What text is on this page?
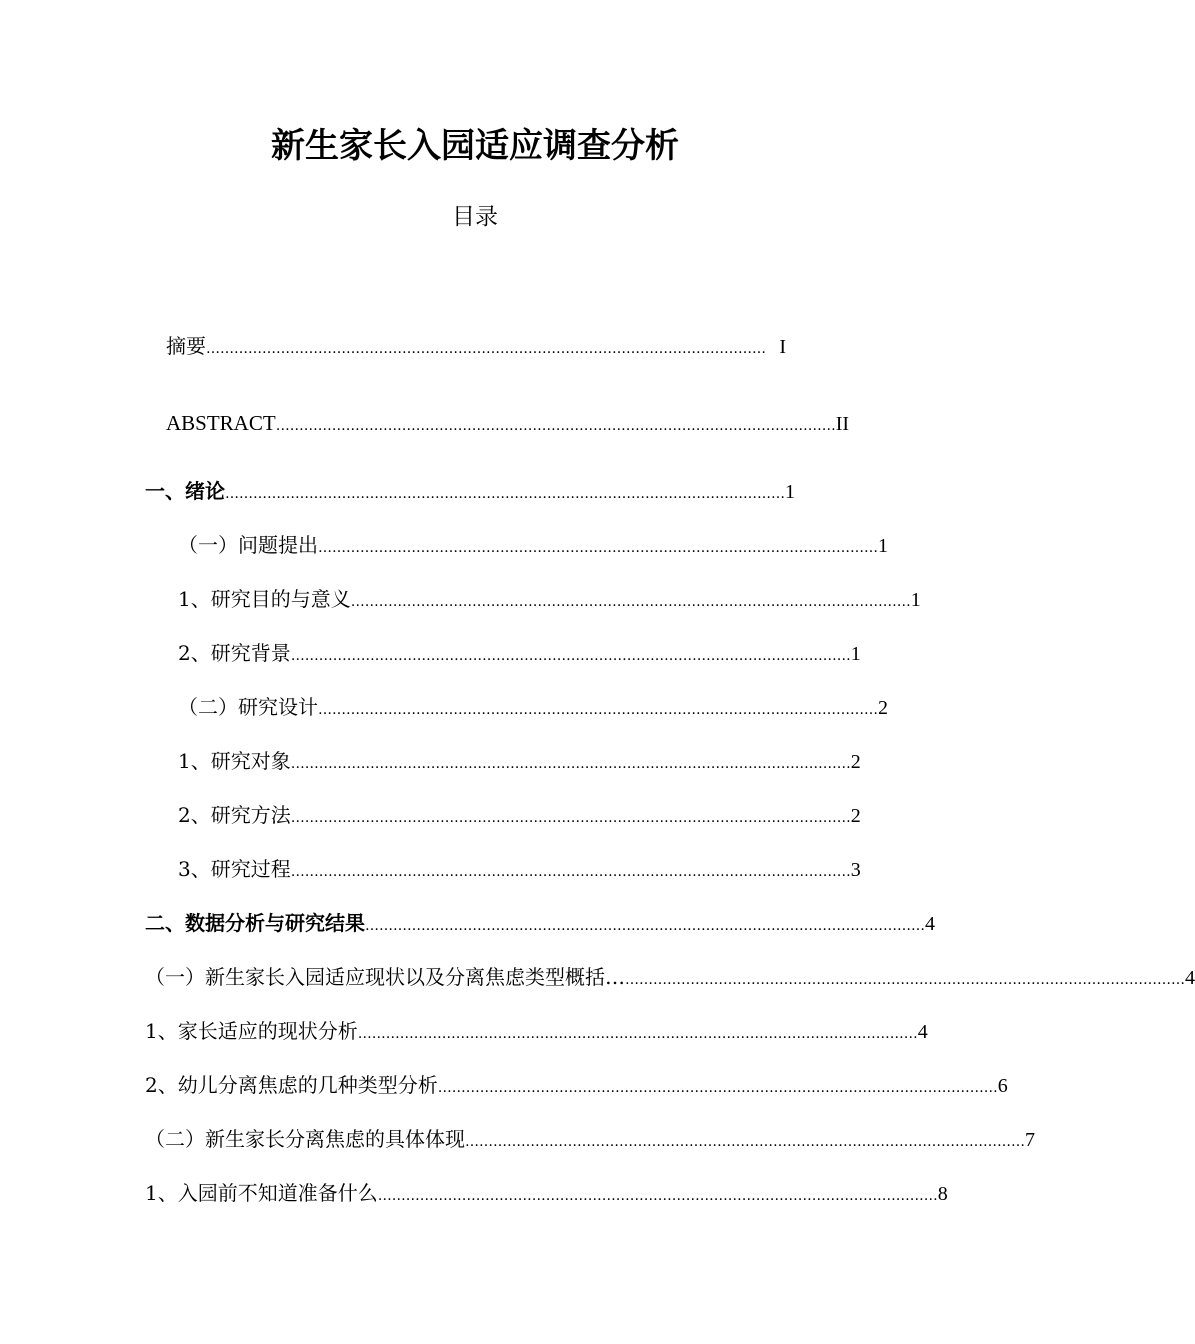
新生家长入园适应调查分析
目录
摘要 ………………………………………………………………………………………………………… I
ABSTRACT ………………………………………………………………………………………………………… II
一、绪论 ………………………………………………………………………………………………………… 1
（一）问题提出 ………………………………………………………………………………………………………… 1
1、研究目的与意义 ………………………………………………………………………………………………………… 1
2、研究背景 ………………………………………………………………………………………………………… 1
（二）研究设计 ………………………………………………………………………………………………………… 2
1、研究对象 ………………………………………………………………………………………………………… 2
2、研究方法 ………………………………………………………………………………………………………… 2
3、研究过程 ………………………………………………………………………………………………………… 3
二、数据分析与研究结果 ………………………………………………………………………………………………………… 4
（一）新生家长入园适应现状以及分离焦虑类型概括… ………………………………………………………………………………………………………… 4
1、家长适应的现状分析 ………………………………………………………………………………………………………… 4
2、幼儿分离焦虑的几种类型分析 ………………………………………………………………………………………………………… 6
（二）新生家长分离焦虑的具体体现 ………………………………………………………………………………………………………… 7
1、入园前不知道准备什么 ………………………………………………………………………………………………………… 8
